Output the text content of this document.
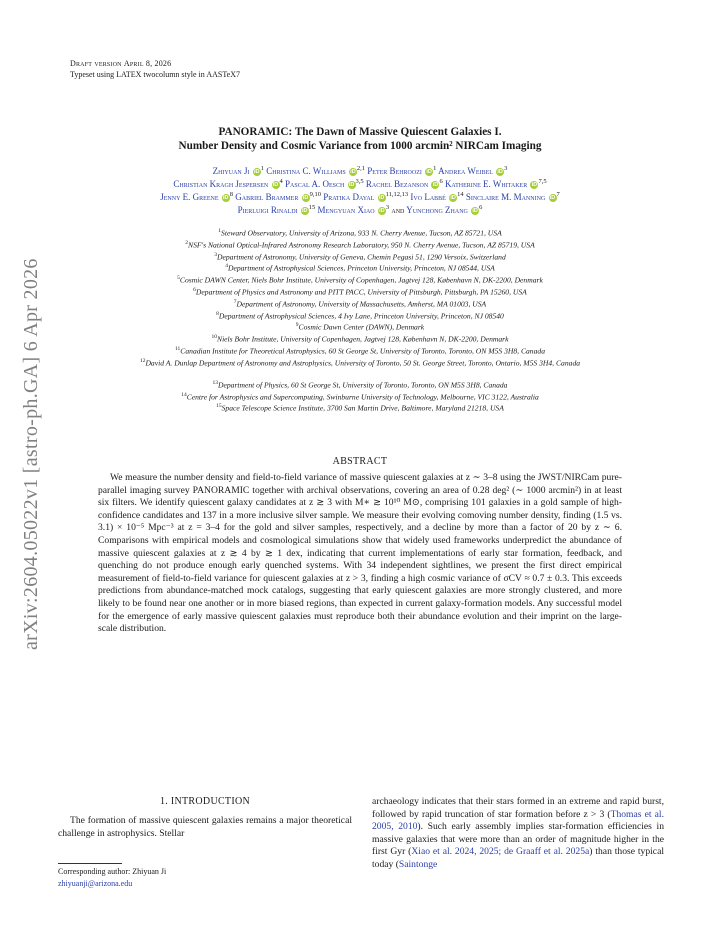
Draft version April 8, 2026
Typeset using LATEX twocolumn style in AASTeX7
arXiv:2604.05022v1 [astro-ph.GA] 6 Apr 2026
PANORAMIC: The Dawn of Massive Quiescent Galaxies I.
Number Density and Cosmic Variance from 1000 arcmin² NIRCam Imaging
Zhiyuan Ji $iD^1$ Christina C. Williams iD$^{2,1}$ Peter Behroozi $iD^1$ Andrea Weibel $iD^3$
Christian Kragh Jespersen $iD^4$ Pascal A. Oesch iD$^{3,5}$ Rachel Bezanson $iD^6$ Katherine E. Whitaker iD$^{7,5}$
Jenny E. Greene $iD^8$ Gabriel Brammer iD$^{9,10}$ Pratika Dayal iD$^{11,12,13}$ Ivo Labbé $iD^{14}$ Sinclaire M. Manning $iD^7$
Pierluigi Rinaldi $iD^{15}$ Mengyuan Xiao $iD^3$ and Yunchong Zhang $iD^6$
$^1$Steward Observatory, University of Arizona, 933 N. Cherry Avenue, Tucson, AZ 85721, USA
$^2$NSF's National Optical-Infrared Astronomy Research Laboratory, 950 N. Cherry Avenue, Tucson, AZ 85719, USA
$^3$Department of Astronomy, University of Geneva, Chemin Pegasi 51, 1290 Versoix, Switzerland
$^4$Department of Astrophysical Sciences, Princeton University, Princeton, NJ 08544, USA
$^5$Cosmic DAWN Center, Niels Bohr Institute, University of Copenhagen, Jagtvej 128, København N, DK-2200, Denmark
$^6$Department of Physics and Astronomy and PITT PACC, University of Pittsburgh, Pittsburgh, PA 15260, USA
$^7$Department of Astronomy, University of Massachusetts, Amherst, MA 01003, USA
$^8$Department of Astrophysical Sciences, 4 Ivy Lane, Princeton University, Princeton, NJ 08540
$^9$Cosmic Dawn Center (DAWN), Denmark
$^{10}$Niels Bohr Institute, University of Copenhagen, Jagtvej 128, København N, DK-2200, Denmark
$^{11}$Canadian Institute for Theoretical Astrophysics, 60 St George St, University of Toronto, Toronto, ON M5S 3H8, Canada
$^{12}$David A. Dunlap Department of Astronomy and Astrophysics, University of Toronto, 50 St. George Street, Toronto, Ontario, M5S 3H4, Canada
$^{13}$Department of Physics, 60 St George St, University of Toronto, Toronto, ON M5S 3H8, Canada
$^{14}$Centre for Astrophysics and Supercomputing, Swinburne University of Technology, Melbourne, VIC 3122, Australia
$^{15}$Space Telescope Science Institute, 3700 San Martin Drive, Baltimore, Maryland 21218, USA
ABSTRACT
We measure the number density and field-to-field variance of massive quiescent galaxies at z ∼ 3–8 using the JWST/NIRCam pure-parallel imaging survey PANORAMIC together with archival observations, covering an area of 0.28 deg² (∼ 1000 arcmin²) in at least six filters. We identify quiescent galaxy candidates at z ≳ 3 with M∗ ≳ 10¹⁰ M⊙, comprising 101 galaxies in a gold sample of high-confidence candidates and 137 in a more inclusive silver sample. We measure their evolving comoving number density, finding (1.5 vs. 3.1) × 10⁻⁵ Mpc⁻³ at z = 3–4 for the gold and silver samples, respectively, and a decline by more than a factor of 20 by z ∼ 6. Comparisons with empirical models and cosmological simulations show that widely used frameworks underpredict the abundance of massive quiescent galaxies at z ≳ 4 by ≳ 1 dex, indicating that current implementations of early star formation, feedback, and quenching do not produce enough early quenched systems. With 34 independent sightlines, we present the first direct empirical measurement of field-to-field variance for quiescent galaxies at z > 3, finding a high cosmic variance of σCV ≈ 0.7 ± 0.3. This exceeds predictions from abundance-matched mock catalogs, suggesting that early quiescent galaxies are more strongly clustered, and more likely to be found near one another or in more biased regions, than expected in current galaxy-formation models. Any successful model for the emergence of early massive quiescent galaxies must reproduce both their abundance evolution and their imprint on the large-scale distribution.
1. INTRODUCTION
The formation of massive quiescent galaxies remains a major theoretical challenge in astrophysics. Stellar
Corresponding author: Zhiyuan Ji
zhiyuanji@arizona.edu
archaeology indicates that their stars formed in an extreme and rapid burst, followed by rapid truncation of star formation before z > 3 (Thomas et al. 2005, 2010). Such early assembly implies star-formation efficiencies in massive galaxies that were more than an order of magnitude higher in the first Gyr (Xiao et al. 2024, 2025; de Graaff et al. 2025a) than those typical today (Saintonge
